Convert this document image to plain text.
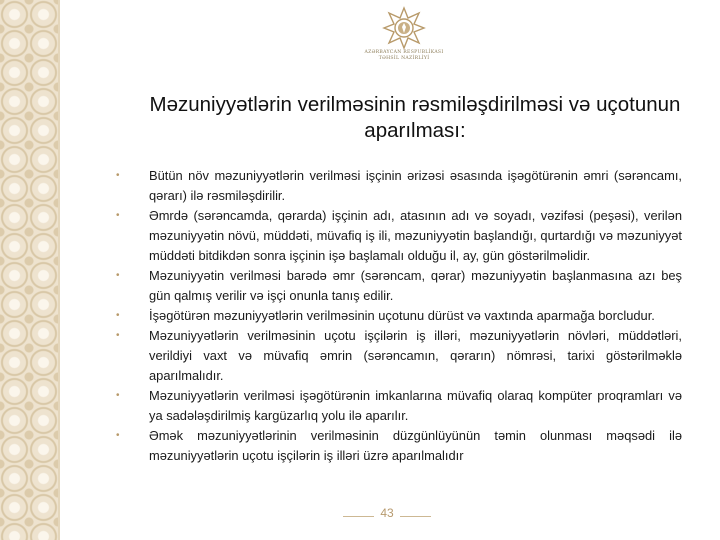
AZƏRBAYCAN RESPUBLİKASI
TƏHSİL NAZİRLİYİ
Məzuniyyətlərin verilməsinin rəsmiləşdirilməsi və uçotunun aparılması:
• Bütün növ məzuniyyətlərin verilməsi işçinin ərizəsi əsasında işəgötürənin əmri (sərəncamı, qərarı) ilə rəsmiləşdirilir.
• Əmrdə (sərəncamda, qərarda) işçinin adı, atasının adı və soyadı, vəzifəsi (peşəsi), verilən məzuniyyətin növü, müddəti, müvafiq iş ili, məzuniyyətin başlandığı, qurtardığı və məzuniyyət müddəti bitdikdən sonra işçinin işə başlamalı olduğu il, ay, gün göstərilməlidir.
• Məzuniyyətin verilməsi barədə əmr (sərəncam, qərar) məzuniyyətin başlanmasına azı beş gün qalmış verilir və işçi onunla tanış edilir.
• İşəgötürən məzuniyyətlərin verilməsinin uçotunu dürüst və vaxtında aparmağa borcludur.
• Məzuniyyətlərin verilməsinin uçotu işçilərin iş illəri, məzuniyyətlərin növləri, müddətləri, verildiyi vaxt və müvafiq əmrin (sərəncamın, qərarın) nömrəsi, tarixi göstərilməklə aparılmalıdır.
• Məzuniyyətlərin verilməsi işəgötürənin imkanlarına müvafiq olaraq kompüter proqramları və ya sadələşdirilmiş kargüzarlıq yolu ilə aparılır.
• Əmək məzuniyyətlərinin verilməsinin düzgünlüyünün təmin olunması məqsədi ilə məzuniyyətlərin uçotu işçilərin iş illəri üzrə aparılmalıdır
43
